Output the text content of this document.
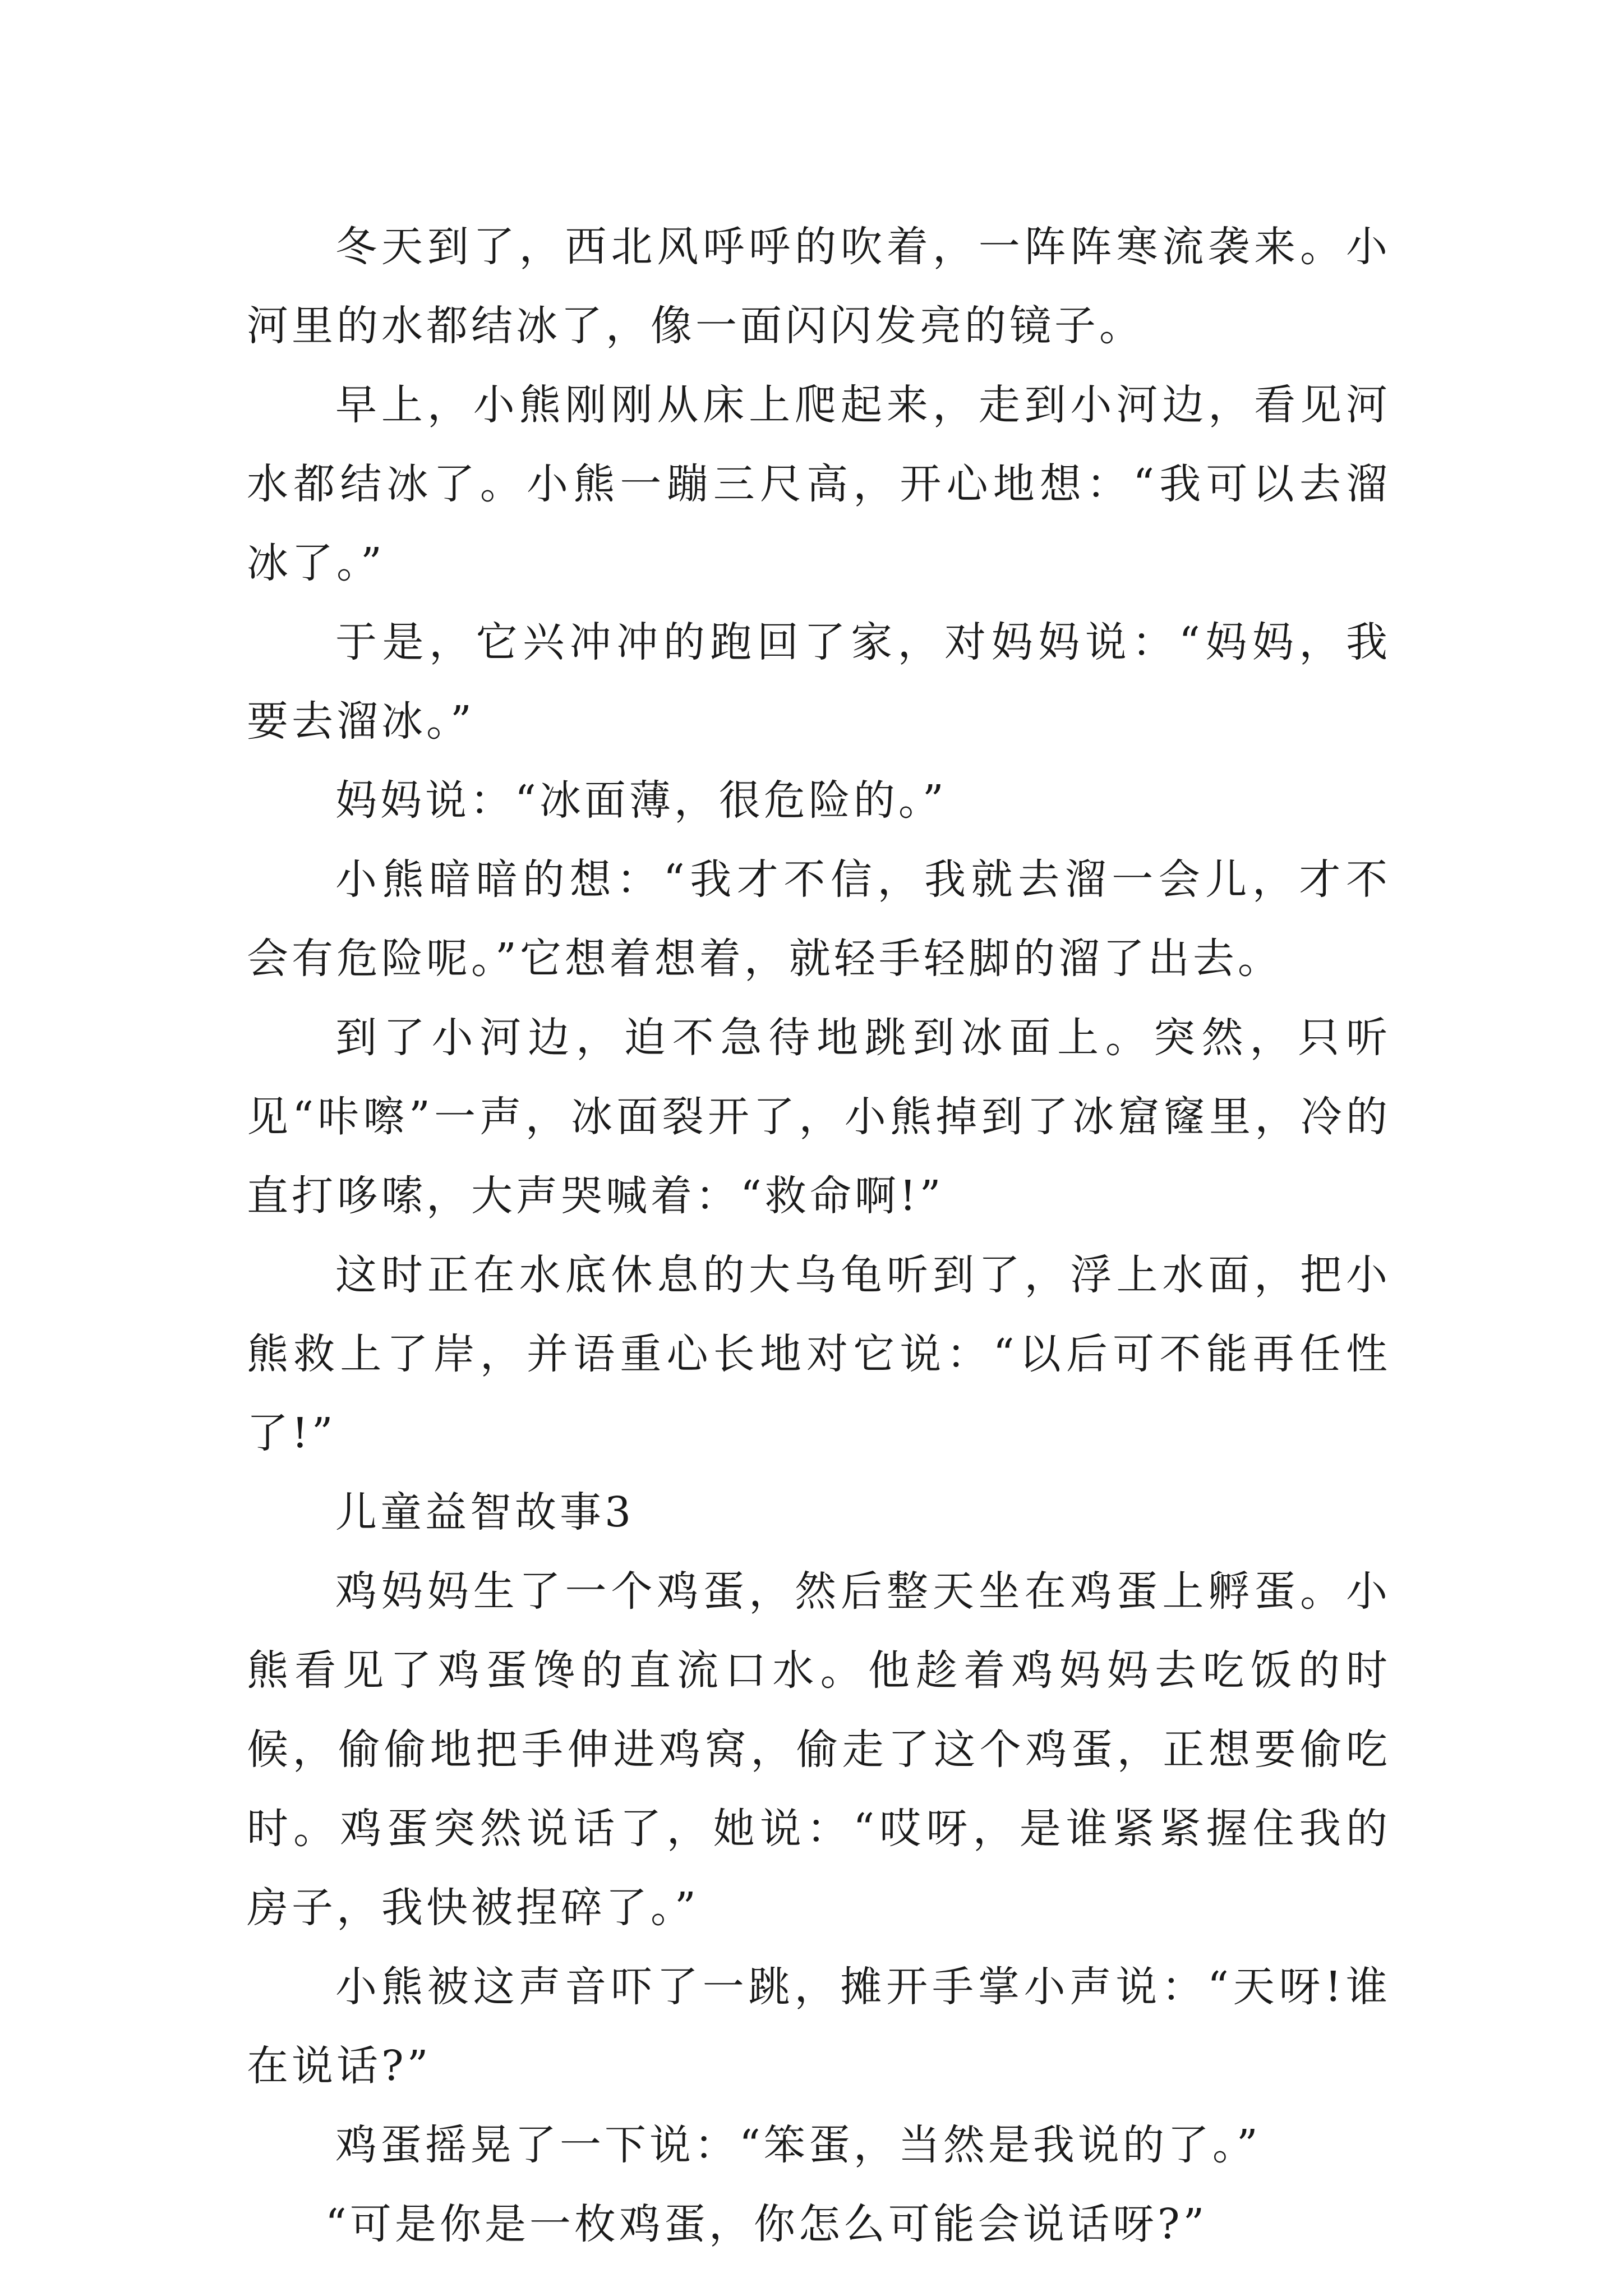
冬天到了，西北风呼呼的吹着，一阵阵寒流袭来。小河里的水都结冰了，像一面闪闪发亮的镜子。

早上，小熊刚刚从床上爬起来，走到小河边，看见河水都结冰了。小熊一蹦三尺高，开心地想：“我可以去溜冰了。”

于是，它兴冲冲的跑回了家，对妈妈说：“妈妈，我要去溜冰。”

妈妈说：“冰面薄，很危险的。”

小熊暗暗的想：“我才不信，我就去溜一会儿，才不会有危险呢。”它想着想着，就轻手轻脚的溜了出去。

到了小河边，迫不急待地跳到冰面上。突然，只听见“咔嚓”一声，冰面裂开了，小熊掉到了冰窟窿里，冷的直打哆嗦，大声哭喊着：“救命啊!”

这时正在水底休息的大乌龟听到了，浮上水面，把小熊救上了岸，并语重心长地对它说：“以后可不能再任性了!”

儿童益智故事3

鸡妈妈生了一个鸡蛋，然后整天坐在鸡蛋上孵蛋。小熊看见了鸡蛋馋的直流口水。他趁着鸡妈妈去吃饭的时候，偷偷地把手伸进鸡窝，偷走了这个鸡蛋，正想要偷吃时。鸡蛋突然说话了，她说：“哎呀，是谁紧紧握住我的房子，我快被捏碎了。”

小熊被这声音吓了一跳，摊开手掌小声说：“天呀!谁在说话?”

鸡蛋摇晃了一下说：“笨蛋，当然是我说的了。”

“可是你是一枚鸡蛋，你怎么可能会说话呀?”
